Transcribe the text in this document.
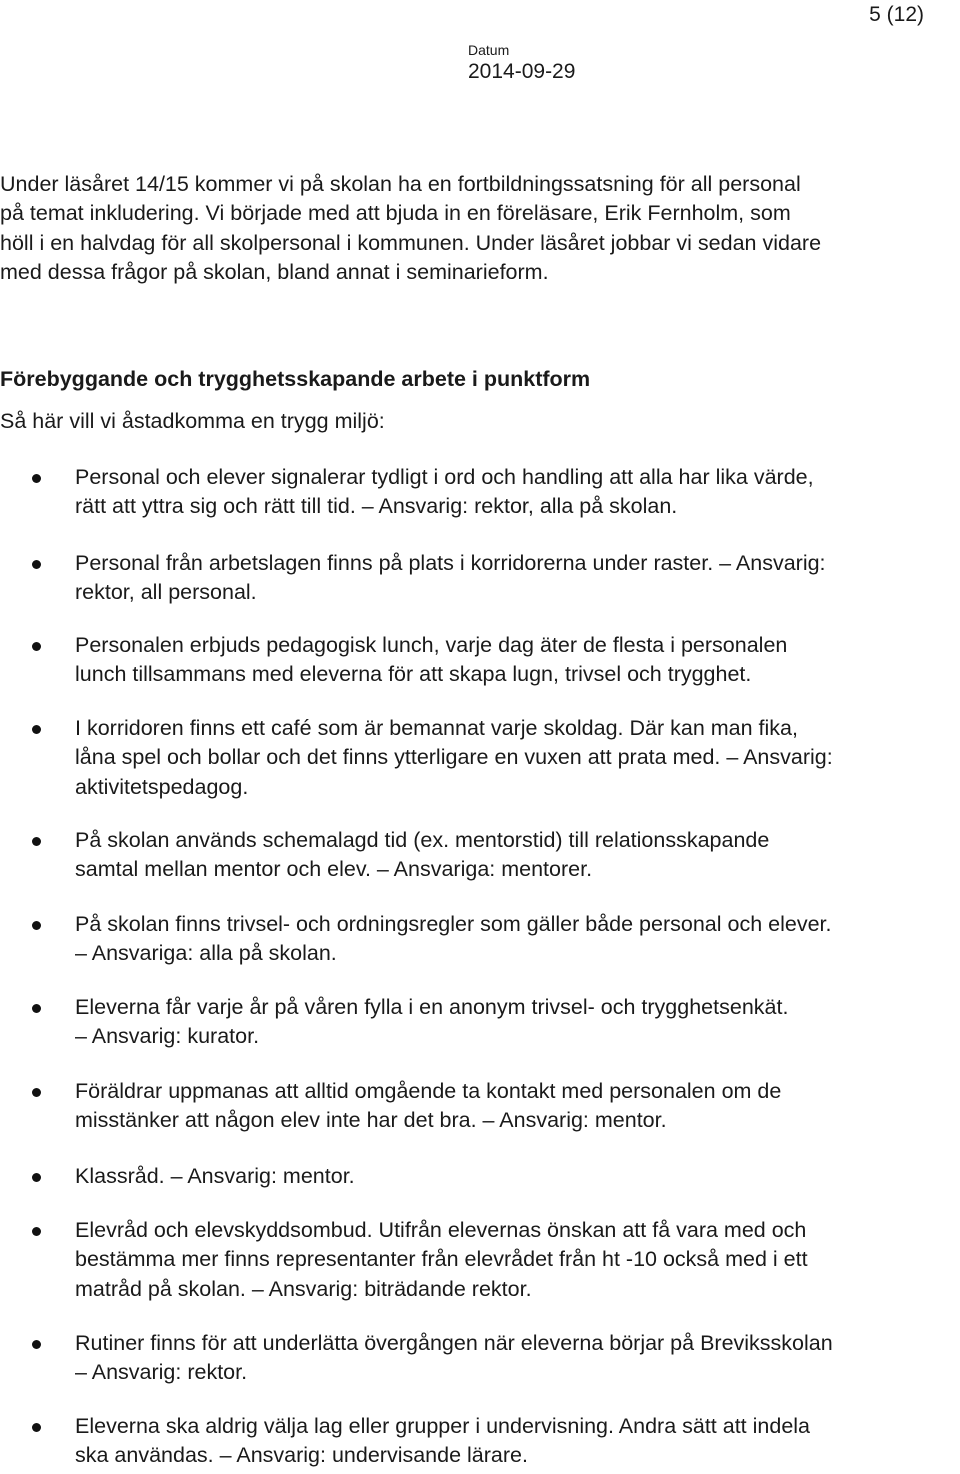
5 (12)
Datum
2014-09-29

Under läsåret 14/15 kommer vi på skolan ha en fortbildningssatsning för all personal
på temat inkludering. Vi började med att bjuda in en föreläsare, Erik Fernholm, som
höll i en halvdag för all skolpersonal i kommunen. Under läsåret jobbar vi sedan vidare
med dessa frågor på skolan, bland annat i seminarieform.

Förebyggande och trygghetsskapande arbete i punktform

Så här vill vi åstadkomma en trygg miljö:

Personal och elever signalerar tydligt i ord och handling att alla har lika värde,
rätt att yttra sig och rätt till tid. – Ansvarig: rektor, alla på skolan.
Personal från arbetslagen finns på plats i korridorerna under raster. – Ansvarig:
rektor, all personal.
Personalen erbjuds pedagogisk lunch, varje dag äter de flesta i personalen
lunch tillsammans med eleverna för att skapa lugn, trivsel och trygghet.
I korridoren finns ett café som är bemannat varje skoldag. Där kan man fika,
låna spel och bollar och det finns ytterligare en vuxen att prata med. – Ansvarig:
aktivitetspedagog.
På skolan används schemalagd tid (ex. mentorstid) till relationsskapande
samtal mellan mentor och elev. – Ansvariga: mentorer.
På skolan finns trivsel- och ordningsregler som gäller både personal och elever.
– Ansvariga: alla på skolan.
Eleverna får varje år på våren fylla i en anonym trivsel- och trygghetsenkät.
– Ansvarig: kurator.
Föräldrar uppmanas att alltid omgående ta kontakt med personalen om de
misstänker att någon elev inte har det bra. – Ansvarig: mentor.
Klassråd. – Ansvarig: mentor.
Elevråd och elevskyddsombud. Utifrån elevernas önskan att få vara med och
bestämma mer finns representanter från elevrådet från ht -10 också med i ett
matråd på skolan. – Ansvarig: biträdande rektor.
Rutiner finns för att underlätta övergången när eleverna börjar på Breviksskolan
– Ansvarig: rektor.
Eleverna ska aldrig välja lag eller grupper i undervisning. Andra sätt att indela
ska användas. – Ansvarig: undervisande lärare.
